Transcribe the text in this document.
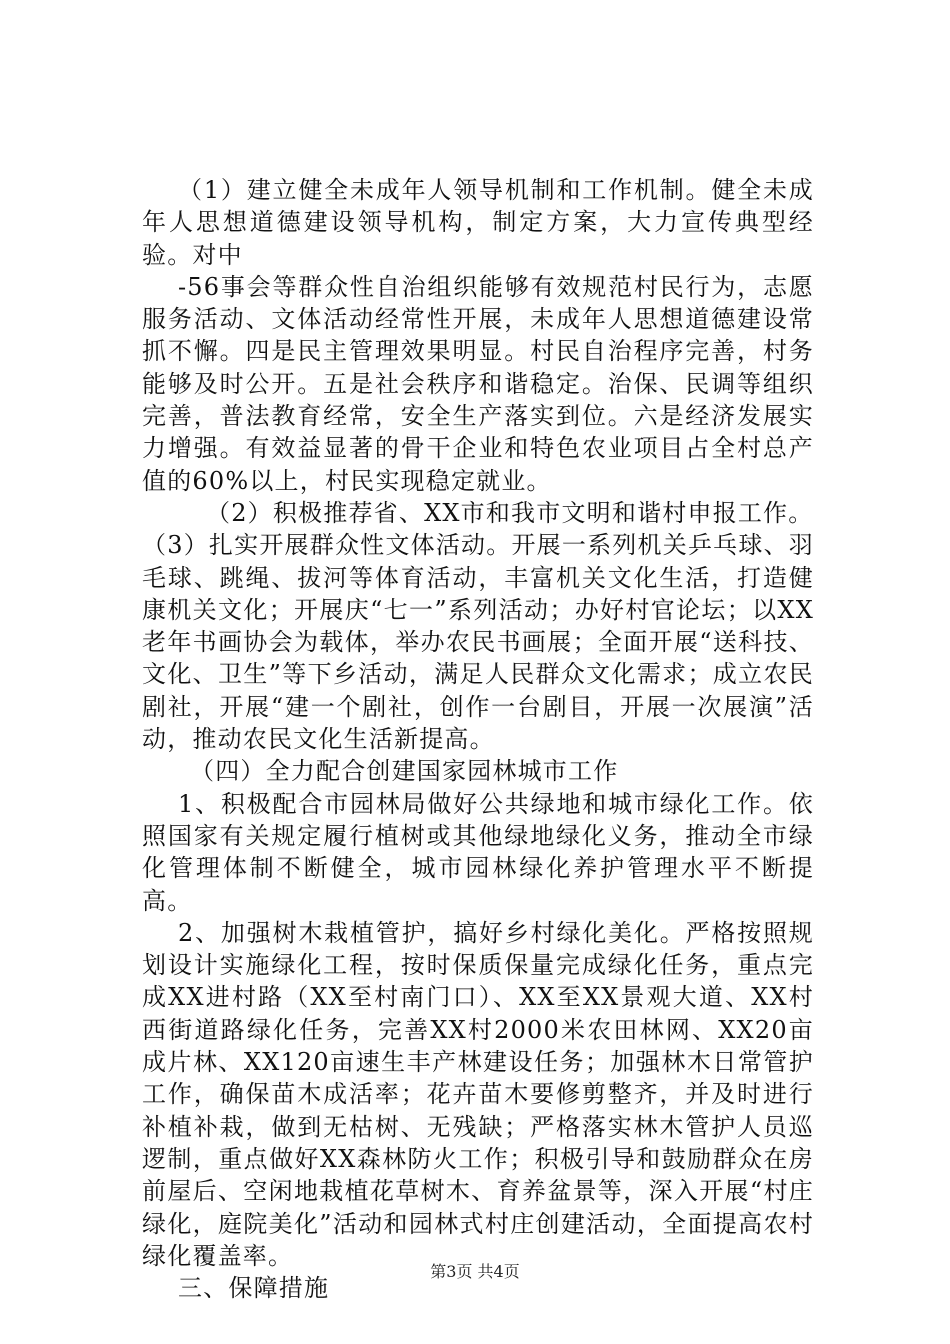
（1）建立健全未成年人领导机制和工作机制。健全未成年人思想道德建设领导机构，制定方案，大力宣传典型经验。对中

-56事会等群众性自治组织能够有效规范村民行为，志愿服务活动、文体活动经常性开展，未成年人思想道德建设常抓不懈。四是民主管理效果明显。村民自治程序完善，村务能够及时公开。五是社会秩序和谐稳定。治保、民调等组织完善，普法教育经常，安全生产落实到位。六是经济发展实力增强。有效益显著的骨干企业和特色农业项目占全村总产值的60%以上，村民实现稳定就业。

（2）积极推荐省、XX市和我市文明和谐村申报工作。

（3）扎实开展群众性文体活动。开展一系列机关乒乓球、羽毛球、跳绳、拔河等体育活动，丰富机关文化生活，打造健康机关文化；开展庆“七一”系列活动；办好村官论坛；以XX老年书画协会为载体，举办农民书画展；全面开展“送科技、文化、卫生”等下乡活动，满足人民群众文化需求；成立农民剧社，开展“建一个剧社，创作一台剧目，开展一次展演”活动，推动农民文化生活新提高。

（四）全力配合创建国家园林城市工作

1、积极配合市园林局做好公共绿地和城市绿化工作。依照国家有关规定履行植树或其他绿地绿化义务，推动全市绿化管理体制不断健全，城市园林绿化养护管理水平不断提高。

2、加强树木栽植管护，搞好乡村绿化美化。严格按照规划设计实施绿化工程，按时保质保量完成绿化任务，重点完成XX进村路（XX至村南门口）、XX至XX景观大道、XX村西街道路绿化任务，完善XX村2000米农田林网、XX20亩成片林、XX120亩速生丰产林建设任务；加强林木日常管护工作，确保苗木成活率；花卉苗木要修剪整齐，并及时进行补植补栽，做到无枯树、无残缺；严格落实林木管护人员巡逻制，重点做好XX森林防火工作；积极引导和鼓励群众在房前屋后、空闲地栽植花草树木、育养盆景等，深入开展“村庄绿化，庭院美化”活动和园林式村庄创建活动，全面提高农村绿化覆盖率。

三、保障措施

第3页 共4页
